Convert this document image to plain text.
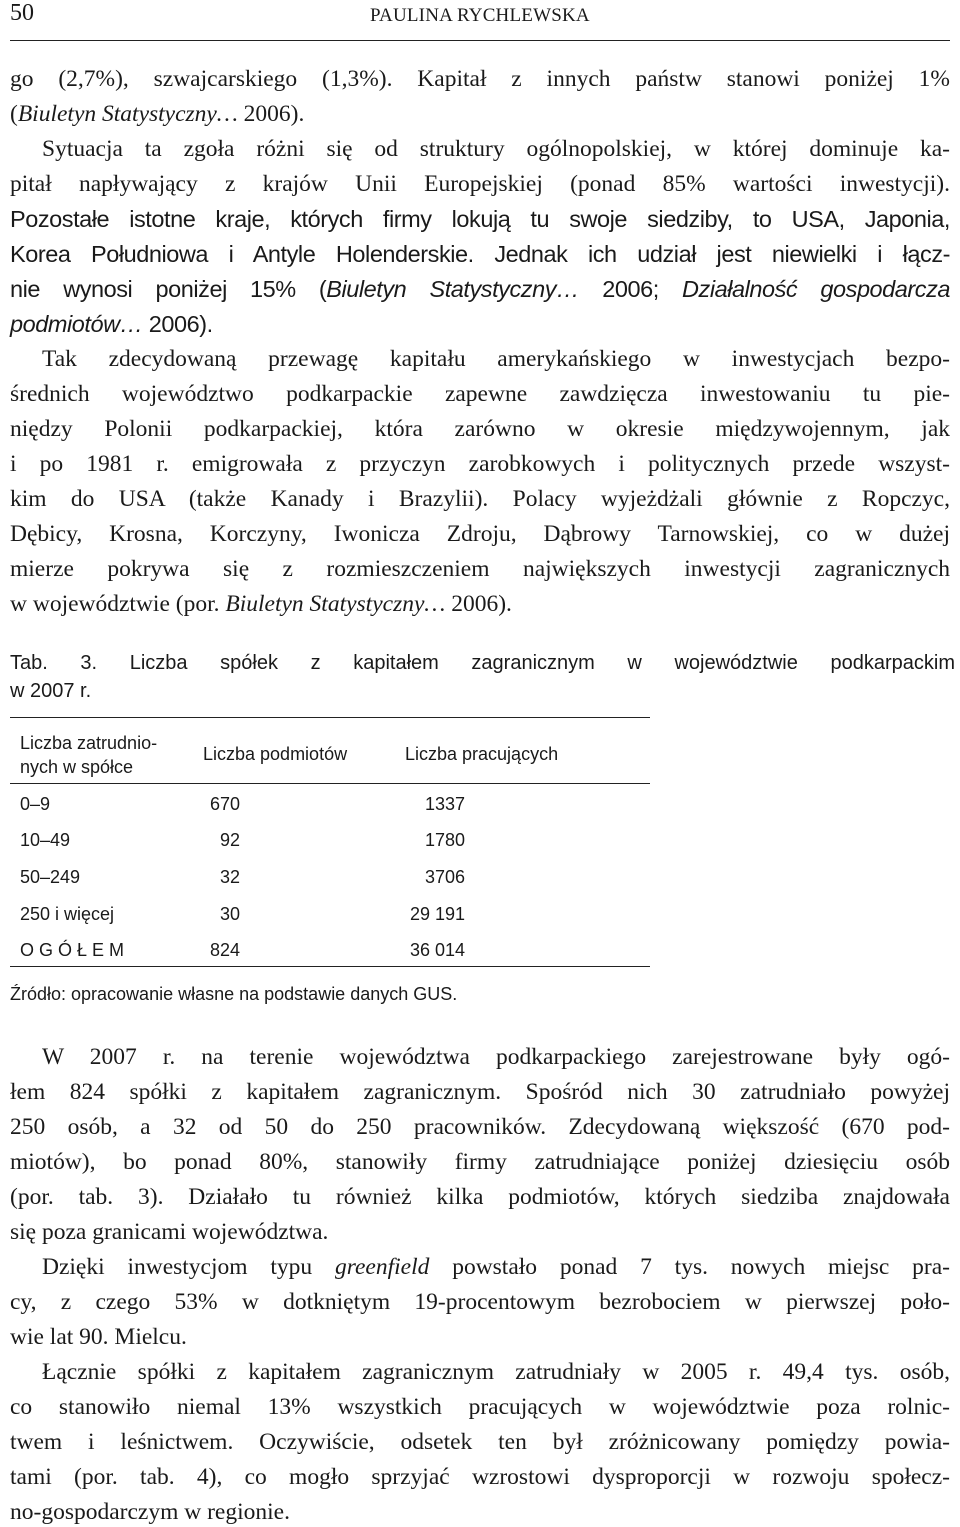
50	PAULINA RYCHLEWSKA
go (2,7%), szwajcarskiego (1,3%). Kapitał z innych państw stanowi poniżej 1%
(Biuletyn Statystyczny… 2006).
Sytuacja ta zgoła różni się od struktury ogólnopolskiej, w której dominuje ka-
pitał napływający z krajów Unii Europejskiej (ponad 85% wartości inwestycji).
Pozostałe istotne kraje, których firmy lokują tu swoje siedziby, to USA, Japonia,
Korea Południowa i Antyle Holenderskie. Jednak ich udział jest niewielki i łącz-
nie wynosi poniżej 15% (Biuletyn Statystyczny… 2006; Działalność gospodarcza
podmiotów… 2006).
Tak zdecydowaną przewagę kapitału amerykańskiego w inwestycjach bezpo-
średnich województwo podkarpackie zapewne zawdzięcza inwestowaniu tu pie-
niędzy Polonii podkarpackiej, która zarówno w okresie międzywojennym, jak
i po 1981 r. emigrowała z przyczyn zarobkowych i politycznych przede wszyst-
kim do USA (także Kanady i Brazylii). Polacy wyjeżdżali głównie z Ropczyc,
Dębicy, Krosna, Korczyny, Iwonicza Zdroju, Dąbrowy Tarnowskiej, co w dużej
mierze pokrywa się z rozmieszczeniem największych inwestycji zagranicznych
w województwie (por. Biuletyn Statystyczny… 2006).
Tab. 3. Liczba spółek z kapitałem zagranicznym w województwie podkarpackim
w 2007 r.
Liczba zatrudnio-
nych w spółce
Liczba podmiotów	Liczba pracujących
0–9	670	1337
10–49	92	1780
50–249	32	3706
250 i więcej	30	29 191
O G Ó Ł E M	824	36 014
Źródło: opracowanie własne na podstawie danych GUS.
W 2007 r. na terenie województwa podkarpackiego zarejestrowane były ogó-
łem 824 spółki z kapitałem zagranicznym. Spośród nich 30 zatrudniało powyżej
250 osób, a 32 od 50 do 250 pracowników. Zdecydowaną większość (670 pod-
miotów), bo ponad 80%, stanowiły firmy zatrudniające poniżej dziesięciu osób
(por. tab. 3). Działało tu również kilka podmiotów, których siedziba znajdowała
się poza granicami województwa.
Dzięki inwestycjom typu greenfield powstało ponad 7 tys. nowych miejsc pra-
cy, z czego 53% w dotkniętym 19-procentowym bezrobociem w pierwszej poło-
wie lat 90. Mielcu.
Łącznie spółki z kapitałem zagranicznym zatrudniały w 2005 r. 49,4 tys. osób,
co stanowiło niemal 13% wszystkich pracujących w województwie poza rolnic-
twem i leśnictwem. Oczywiście, odsetek ten był zróżnicowany pomiędzy powia-
tami (por. tab. 4), co mogło sprzyjać wzrostowi dysproporcji w rozwoju społecz-
no-gospodarczym w regionie.
